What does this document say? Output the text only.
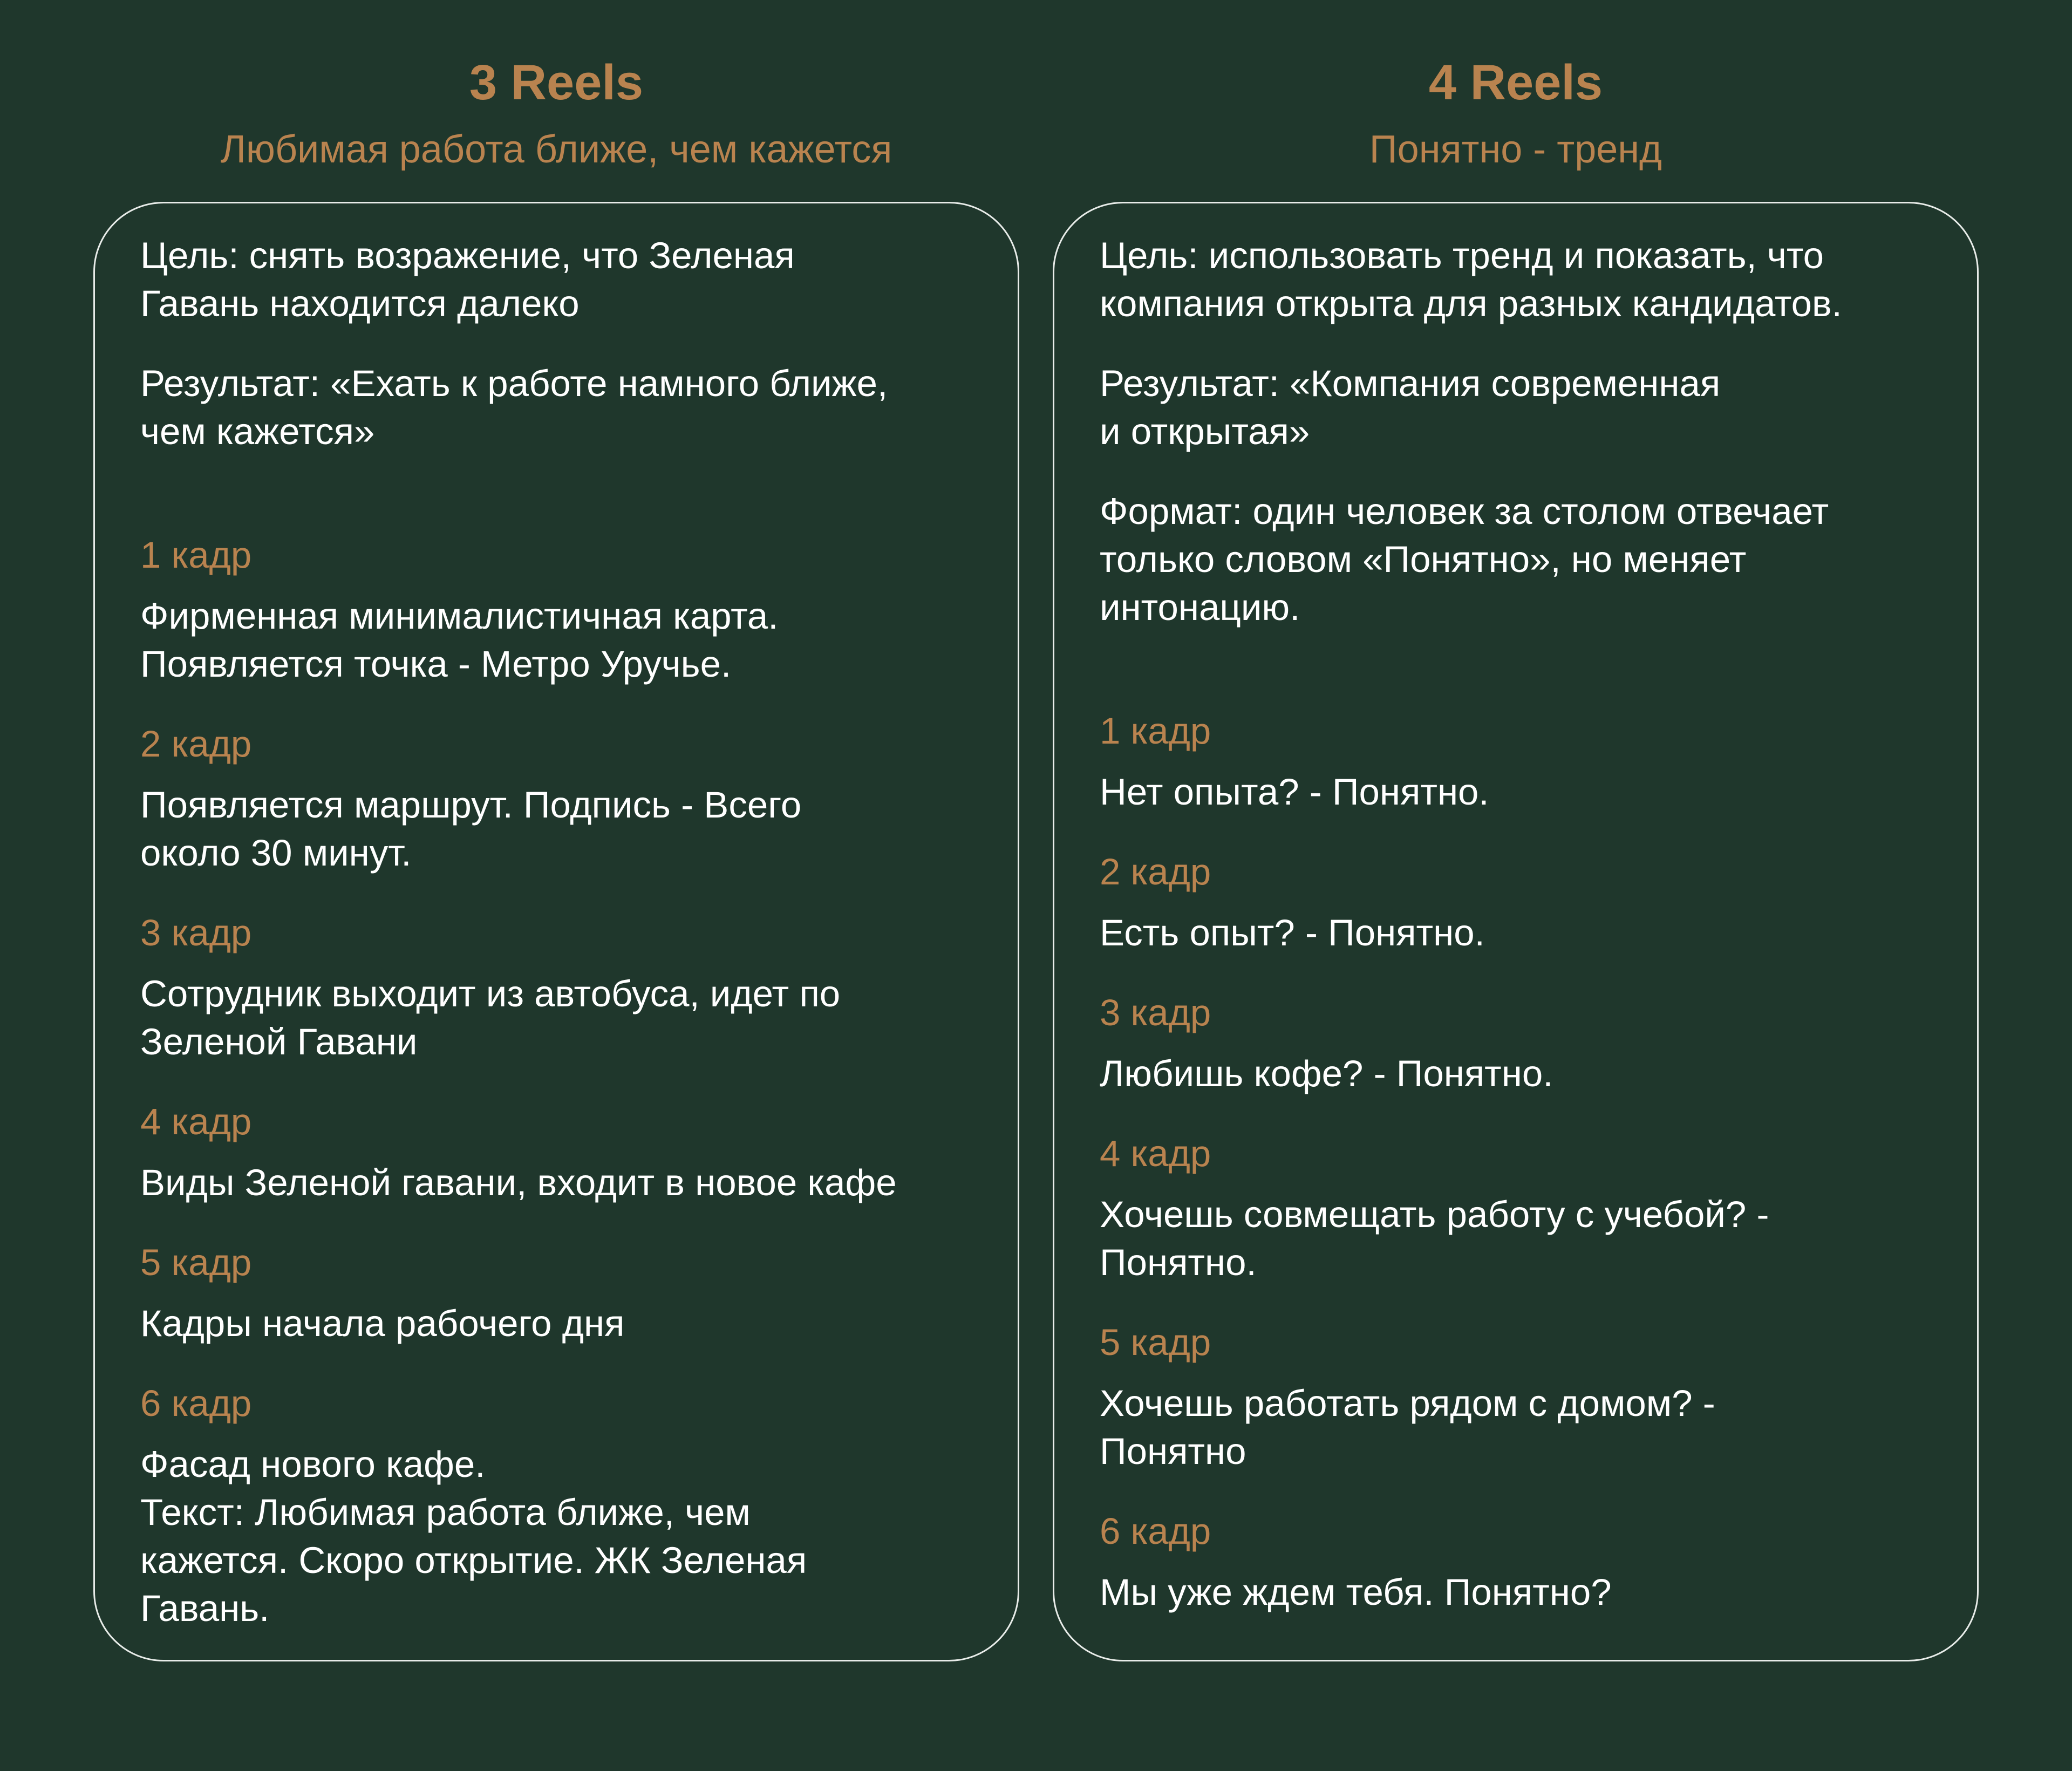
3 Reels
Любимая работа ближе, чем кажется

Цель: снять возражение, что Зеленая
Гавань находится далеко

Результат: «Ехать к работе намного ближе,
чем кажется»

1 кадр

Фирменная минималистичная карта.
Появляется точка - Метро Уручье.

2 кадр

Появляется маршрут. Подпись - Всего
около 30 минут.

3 кадр

Сотрудник выходит из автобуса, идет по
Зеленой Гавани

4 кадр

Виды Зеленой гавани, входит в новое кафе

5 кадр

Кадры начала рабочего дня

6 кадр

Фасад нового кафе.
Текст: Любимая работа ближе, чем
кажется. Скоро открытие. ЖК Зеленая
Гавань.

4 Reels
Понятно - тренд

Цель: использовать тренд и показать, что
компания открыта для разных кандидатов.

Результат: «Компания современная
и открытая»

Формат: один человек за столом отвечает
только словом «Понятно», но меняет
интонацию.

1 кадр

Нет опыта? - Понятно.

2 кадр

Есть опыт? - Понятно.

3 кадр

Любишь кофе? - Понятно.

4 кадр

Хочешь совмещать работу с учебой? -
Понятно.

5 кадр

Хочешь работать рядом с домом? -
Понятно

6 кадр

Мы уже ждем тебя. Понятно?
